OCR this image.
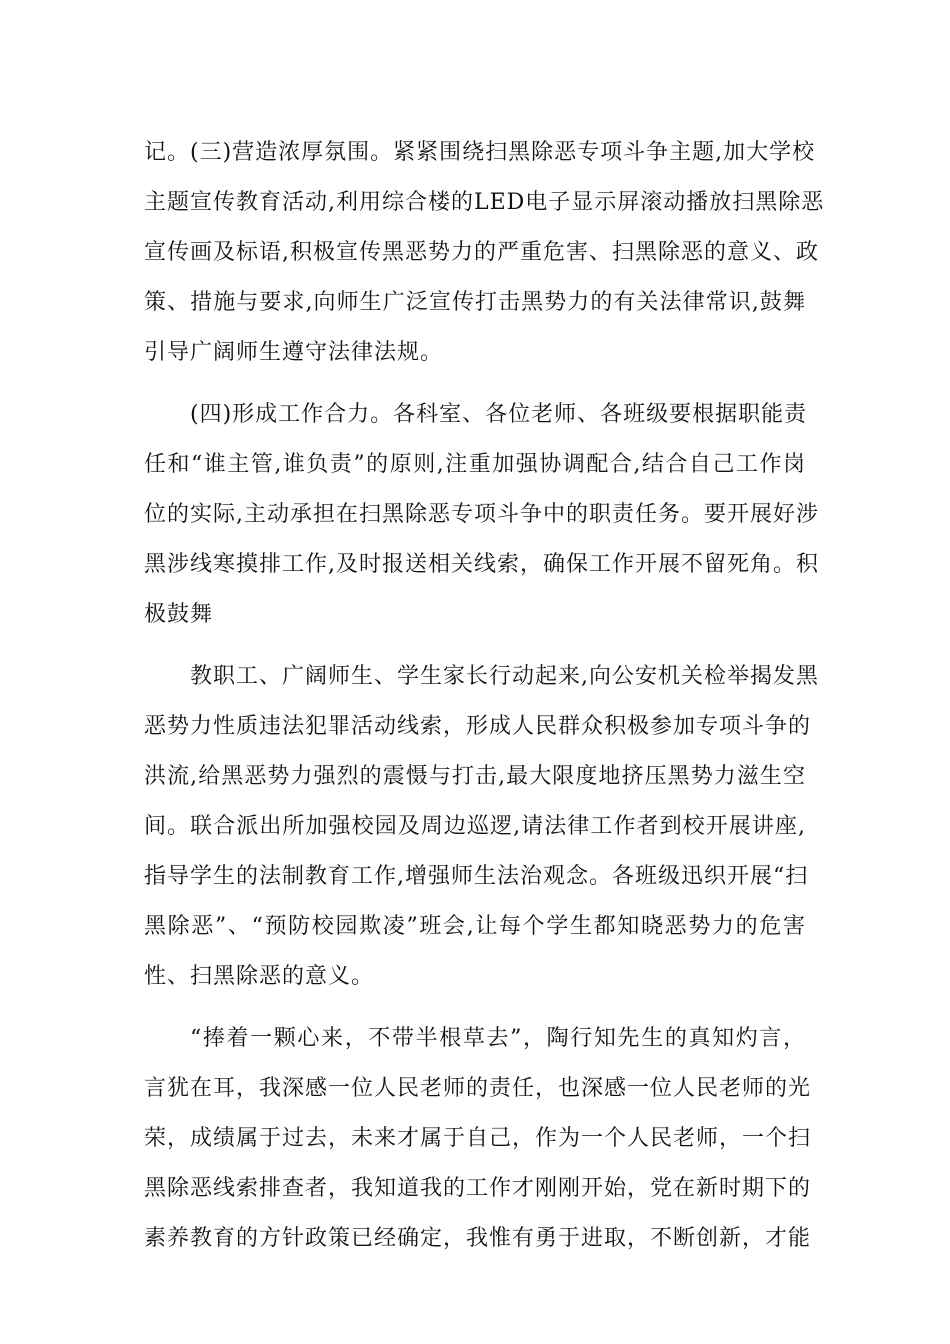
记。(三)营造浓厚氛围。紧紧围绕扫黑除恶专项斗争主题,加大学校
主题宣传教育活动,利用综合楼的LED电子显示屏滚动播放扫黑除恶
宣传画及标语,积极宣传黑恶势力的严重危害、扫黑除恶的意义、政
策、措施与要求,向师生广泛宣传打击黑势力的有关法律常识,鼓舞
引导广阔师生遵守法律法规。
(四)形成工作合力。各科室、各位老师、各班级要根据职能责
任和“谁主管,谁负责”的原则,注重加强协调配合,结合自己工作岗
位的实际,主动承担在扫黑除恶专项斗争中的职责任务。要开展好涉
黑涉线寒摸排工作,及时报送相关线索，确保工作开展不留死角。积
极鼓舞
教职工、广阔师生、学生家长行动起来,向公安机关检举揭发黑
恶势力性质违法犯罪活动线索，形成人民群众积极参加专项斗争的
洪流,给黑恶势力强烈的震慑与打击,最大限度地挤压黑势力滋生空
间。联合派出所加强校园及周边巡逻,请法律工作者到校开展讲座,
指导学生的法制教育工作,增强师生法治观念。各班级迅织开展“扫
黑除恶”、“预防校园欺凌”班会,让每个学生都知晓恶势力的危害
性、扫黑除恶的意义。
“捧着一颗心来，不带半根草去”，陶行知先生的真知灼言，
言犹在耳，我深感一位人民老师的责任，也深感一位人民老师的光
荣，成绩属于过去，未来才属于自己，作为一个人民老师，一个扫
黑除恶线索排查者，我知道我的工作才刚刚开始，党在新时期下的
素养教育的方针政策已经确定，我惟有勇于进取，不断创新，才能
